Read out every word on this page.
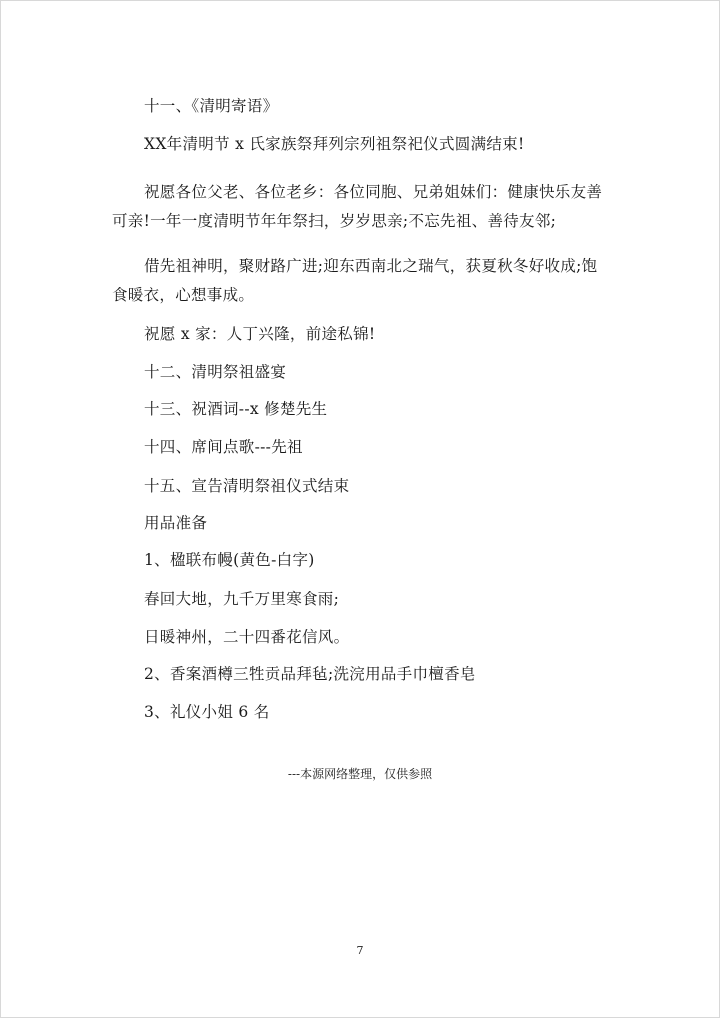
十一、《清明寄语》
XX年清明节 x 氏家族祭拜列宗列祖祭祀仪式圆满结束!
祝愿各位父老、各位老乡：各位同胞、兄弟姐妹们：健康快乐友善
可亲!一年一度清明节年年祭扫，岁岁思亲;不忘先祖、善待友邻;
借先祖神明，聚财路广进;迎东西南北之瑞气，获夏秋冬好收成;饱
食暖衣，心想事成。
祝愿 x 家：人丁兴隆，前途私锦!
十二、清明祭祖盛宴
十三、祝酒词--x 修楚先生
十四、席间点歌---先祖
十五、宣告清明祭祖仪式结束
用品准备
1、楹联布幔(黄色-白字)
春回大地，九千万里寒食雨;
日暖神州，二十四番花信风。
2、香案酒樽三牲贡品拜毡;洗浣用品手巾檀香皂
3、礼仪小姐 6 名
---本源网络整理，仅供参照
7
